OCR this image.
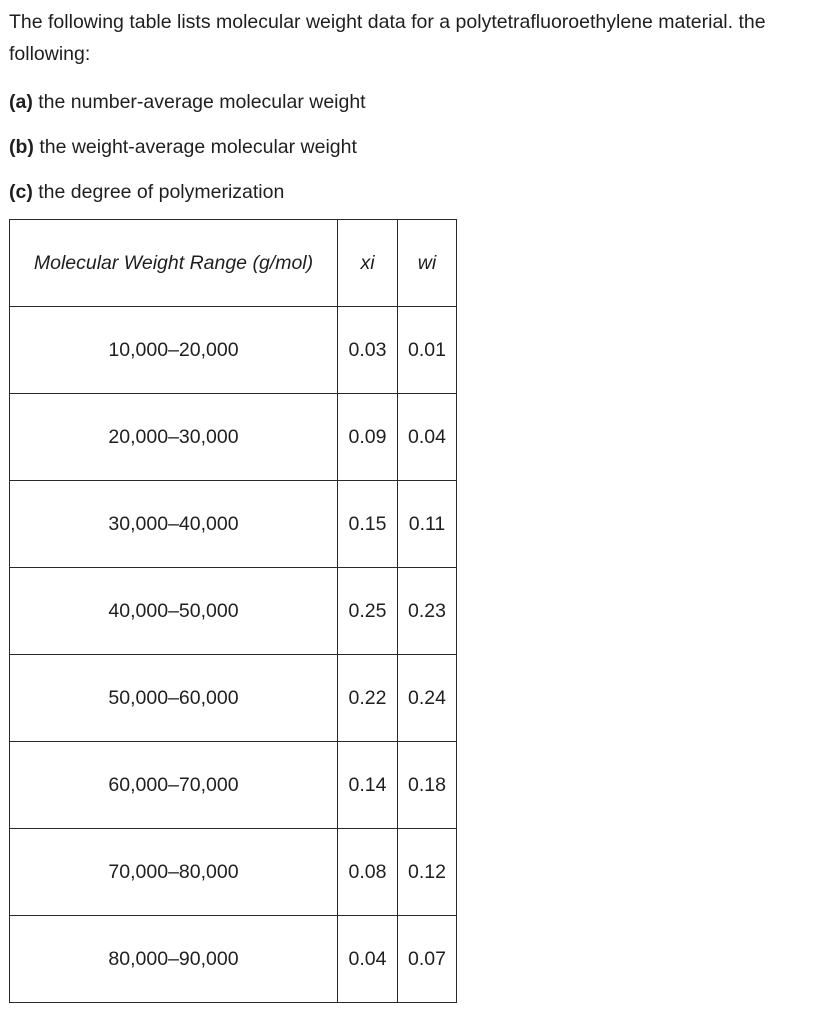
The following table lists molecular weight data for a polytetrafluoroethylene material. the following:

(a) the number-average molecular weight

(b) the weight-average molecular weight

(c) the degree of polymerization

Molecular Weight Range (g/mol)	xi	wi
10,000–20,000	0.03	0.01
20,000–30,000	0.09	0.04
30,000–40,000	0.15	0.11
40,000–50,000	0.25	0.23
50,000–60,000	0.22	0.24
60,000–70,000	0.14	0.18
70,000–80,000	0.08	0.12
80,000–90,000	0.04	0.07
